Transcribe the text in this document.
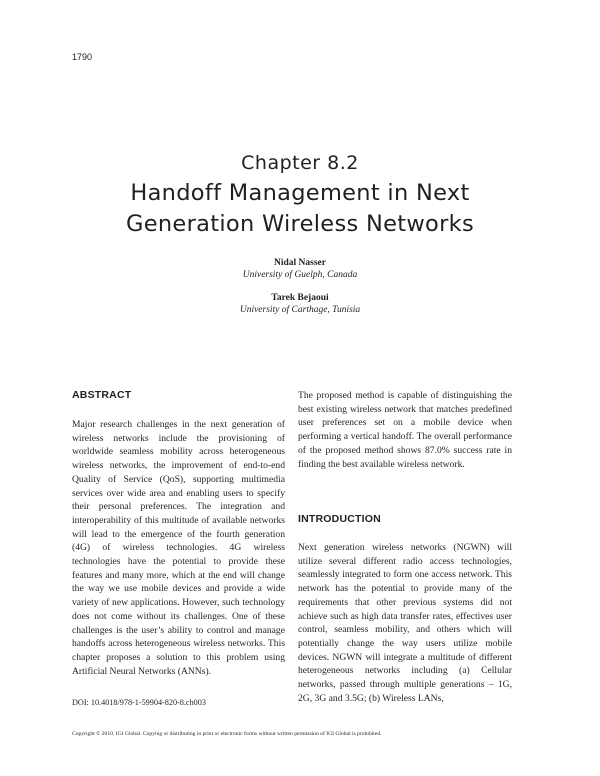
1790
Chapter 8.2
Handoff Management in Next
Generation Wireless Networks
Nidal Nasser
University of Guelph, Canada
Tarek Bejaoui
University of Carthage, Tunisia
ABSTRACT
Major research challenges in the next generation of wireless networks include the provisioning of worldwide seamless mobility across heterogeneous wireless networks, the improvement of end-to-end Quality of Service (QoS), supporting multimedia services over wide area and enabling users to specify their personal preferences. The integration and interoperability of this multitude of available networks will lead to the emergence of the fourth generation (4G) of wireless technologies. 4G wireless technologies have the potential to provide these features and many more, which at the end will change the way we use mobile devices and provide a wide variety of new applications. However, such technology does not come without its challenges. One of these challenges is the user’s ability to control and manage handoffs across heterogeneous wireless networks. This chapter proposes a solution to this problem using Artificial Neural Networks (ANNs).
The proposed method is capable of distinguishing the best existing wireless network that matches predefined user preferences set on a mobile device when performing a vertical handoff. The overall performance of the proposed method shows 87.0% success rate in finding the best available wireless network.
INTRODUCTION
Next generation wireless networks (NGWN) will utilize several different radio access technologies, seamlessly integrated to form one access network. This network has the potential to provide many of the requirements that other previous systems did not achieve such as high data transfer rates, effectives user control, seamless mobility, and others which will potentially change the way users utilize mobile devices. NGWN will integrate a multitude of different heterogeneous networks including (a) Cellular networks, passed through multiple generations – 1G, 2G, 3G and 3.5G; (b) Wireless LANs,
DOI: 10.4018/978-1-59904-820-8.ch003
Copyright © 2010, IGI Global. Copying or distributing in print or electronic forms without written permission of IGI Global is prohibited.
